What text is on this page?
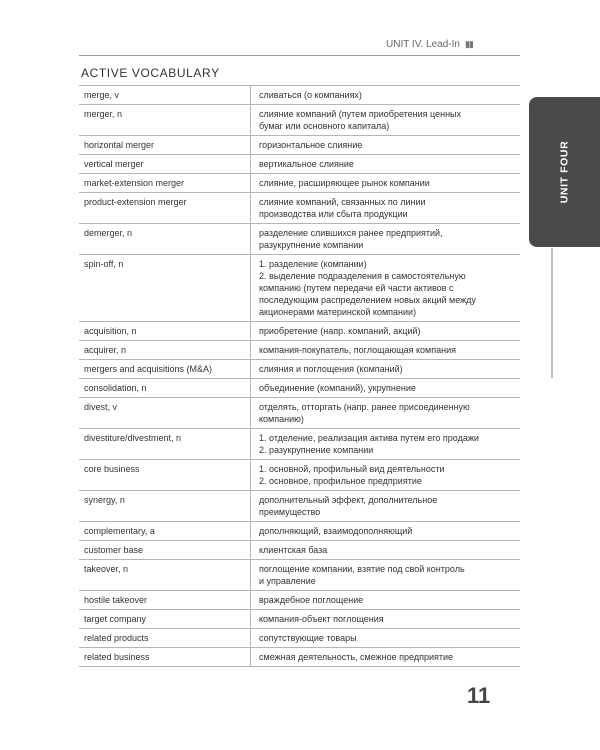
UNIT IV. Lead-In ▮▮
ACTIVE VOCABULARY
merge, v	сливаться (о компаниях)
merger, n	слияние компаний (путем приобретения ценных
бумаг или основного капитала)
horizontal merger	горизонтальное слияние
vertical merger	вертикальное слияние
market-extension merger	слияние, расширяющее рынок компании
product-extension merger	слияние компаний, связанных по линии
производства или сбыта продукции
demerger, n	разделение слившихся ранее предприятий,
разукрупнение компании
spin-off, n	1. разделение (компании)
2. выделение подразделения в самостоятельную
компанию (путем передачи ей части активов с
последующим распределением новых акций между
акционерами материнской компании)
acquisition, n	приобретение (напр. компаний, акций)
acquirer, n	компания-покупатель, поглощающая компания
mergers and acquisitions (M&A)	слияния и поглощения (компаний)
consolidation, n	объединение (компаний), укрупнение
divest, v	отделять, отторгать (напр. ранее присоединенную
компанию)
divestiture/divestment, n	1. отделение, реализация актива путем его продажи
2. разукрупнение компании
core business	1. основной, профильный вид деятельности
2. основное, профильное предприятие
synergy, n	дополнительный эффект, дополнительное
преимущество
complementary, a	дополняющий, взаимодополняющий
customer base	клиентская база
takeover, n	поглощение компании, взятие под свой контроль
и управление
hostile takeover	враждебное поглощение
target company	компания-объект поглощения
related products	сопутствующие товары
related business	смежная деятельность, смежное предприятие
UNIT FOUR
11
